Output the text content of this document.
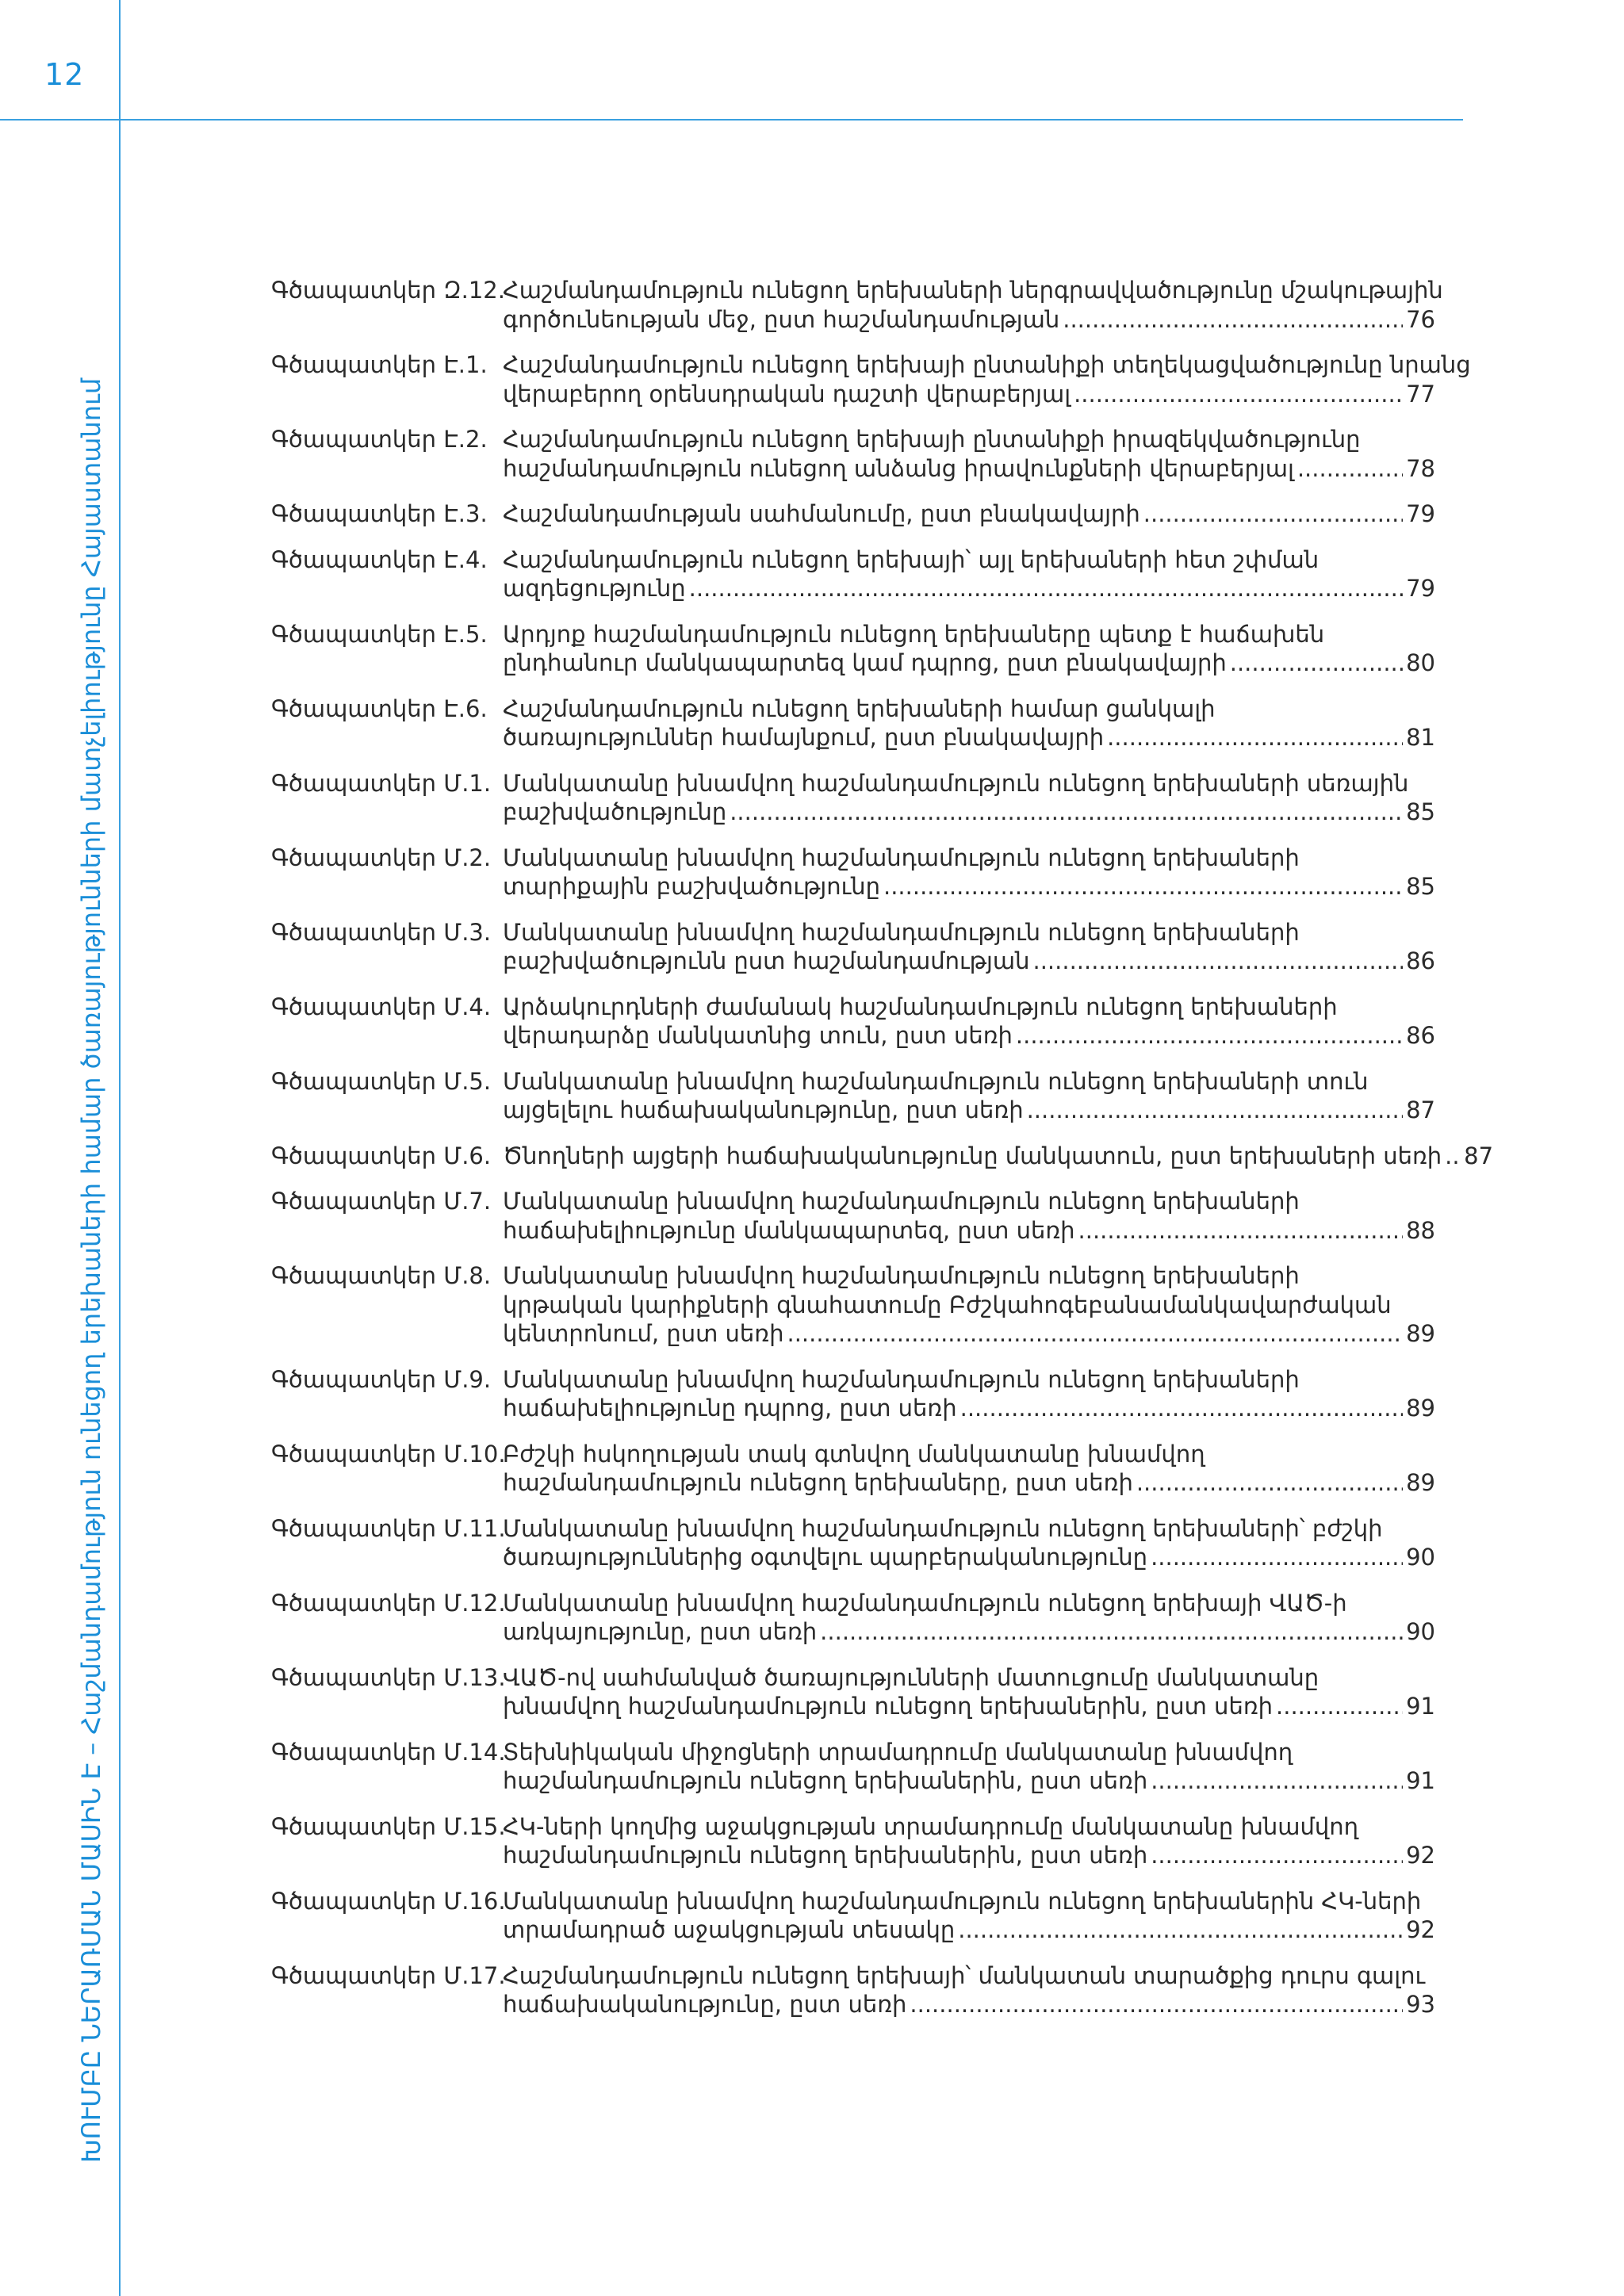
12
ԽՈՒՄԲԸ ՆԵՐԱՌՄԱՆ ՄԱՍԻՆ Է – Հաշմանդամություն ունեցող երեխաների համար ծառայությունների մատչելիությունը Հայաստանում
Գծապատկեր Զ.12.
Հաշմանդամություն ունեցող երեխաների ներգրավվածությունը մշակութային
գործունեության մեջ, ըստ հաշմանդամության .....	76
Գծապատկեր Է.1. Հաշմանդամություն ունեցող երեխայի ընտանիքի տեղեկացվածությունը նրանց
վերաբերող օրենսդրական դաշտի վերաբերյալ .....	77
Գծապատկեր Է.2. Հաշմանդամություն ունեցող երեխայի ընտանիքի իրազեկվածությունը
հաշմանդամություն ունեցող անձանց իրավունքների վերաբերյալ .....	78
Գծապատկեր Է.3. Հաշմանդամության սահմանումը, ըստ բնակավայրի .....	79
Գծապատկեր Է.4. Հաշմանդամություն ունեցող երեխայի՝ այլ երեխաների հետ շփման
ազդեցությունը .....	79
Գծապատկեր Է.5. Արդյոք հաշմանդամություն ունեցող երեխաները պետք է հաճախեն
ընդհանուր մանկապարտեզ կամ դպրոց, ըստ բնակավայրի .....	80
Գծապատկեր Է.6. Հաշմանդամություն ունեցող երեխաների համար ցանկալի
ծառայություններ համայնքում, ըստ բնակավայրի .....	81
Գծապատկեր Մ.1. Մանկատանը խնամվող հաշմանդամություն ունեցող երեխաների սեռային
բաշխվածությունը .....	85
Գծապատկեր Մ.2. Մանկատանը խնամվող հաշմանդամություն ունեցող երեխաների
տարիքային բաշխվածությունը .....	85
Գծապատկեր Մ.3. Մանկատանը խնամվող հաշմանդամություն ունեցող երեխաների
բաշխվածությունն ըստ հաշմանդամության .....	86
Գծապատկեր Մ.4. Արձակուրդների ժամանակ հաշմանդամություն ունեցող երեխաների
վերադարձը մանկատնից տուն, ըստ սեռի .....	86
Գծապատկեր Մ.5. Մանկատանը խնամվող հաշմանդամություն ունեցող երեխաների տուն
այցելելու հաճախականությունը, ըստ սեռի .....	87
Գծապատկեր Մ.6. Ծնողների այցերի հաճախականությունը մանկատուն, ըստ երեխաների սեռի ..... 87
Գծապատկեր Մ.7. Մանկատանը խնամվող հաշմանդամություն ունեցող երեխաների
հաճախելիությունը մանկապարտեզ, ըստ սեռի .....	88
Գծապատկեր Մ.8. Մանկատանը խնամվող հաշմանդամություն ունեցող երեխաների
կրթական կարիքների գնահատումը Բժշկահոգեբանամանկավարժական
կենտրոնում, ըստ սեռի .....	89
Գծապատկեր Մ.9. Մանկատանը խնամվող հաշմանդամություն ունեցող երեխաների
հաճախելիությունը դպրոց, ըստ սեռի .....	89
Գծապատկեր Մ.10.
Բժշկի հսկողության տակ գտնվող մանկատանը խնամվող
հաշմանդամություն ունեցող երեխաները, ըստ սեռի .....	89
Գծապատկեր Մ.11.
Մանկատանը խնամվող հաշմանդամություն ունեցող երեխաների՝ բժշկի
ծառայություններից օգտվելու պարբերականությունը .....	90
Գծապատկեր Մ.12.
Մանկատանը խնամվող հաշմանդամություն ունեցող երեխայի ՎԱԾ-ի
առկայությունը, ըստ սեռի .....	90
Գծապատկեր Մ.13.
ՎԱԾ-ով սահմանված ծառայությունների մատուցումը մանկատանը
խնամվող հաշմանդամություն ունեցող երեխաներին, ըստ սեռի .....	91
Գծապատկեր Մ.14.
Տեխնիկական միջոցների տրամադրումը մանկատանը խնամվող
հաշմանդամություն ունեցող երեխաներին, ըստ սեռի .....	91
Գծապատկեր Մ.15.
ՀԿ-ների կողմից աջակցության տրամադրումը մանկատանը խնամվող
հաշմանդամություն ունեցող երեխաներին, ըստ սեռի .....	92
Գծապատկեր Մ.16.
Մանկատանը խնամվող հաշմանդամություն ունեցող երեխաներին ՀԿ-ների
տրամադրած աջակցության տեսակը .....	92
Գծապատկեր Մ.17.
Հաշմանդամություն ունեցող երեխայի՝ մանկատան տարածքից դուրս գալու
հաճախականությունը, ըստ սեռի .....	93
